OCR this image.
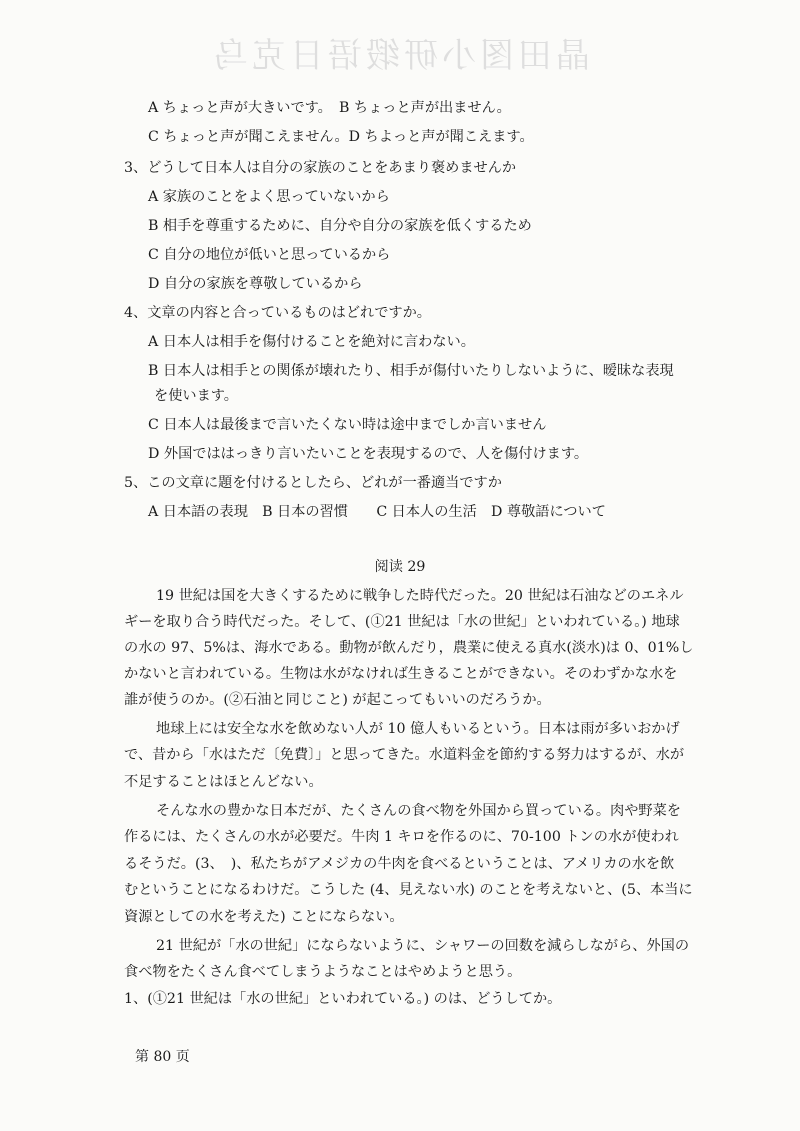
晶田图小研缎语日克乌
A ちょっと声が大きいです。　B ちょっと声が出ません。
C ちょっと声が聞こえません。D ちよっと声が聞こえます。
3、どうして日本人は自分の家族のことをあまり褒めませんか
A 家族のことをよく思っていないから
B 相手を尊重するために、自分や自分の家族を低くするため
C 自分の地位が低いと思っているから
D 自分の家族を尊敬しているから
4、文章の内容と合っているものはどれですか。
A 日本人は相手を傷付けることを絶対に言わない。
B 日本人は相手との関係が壊れたり、相手が傷付いたりしないように、暧昧な表現
を使います。
C 日本人は最後まで言いたくない時は途中までしか言いません
D 外国でははっきり言いたいことを表現するので、人を傷付けます。
5、この文章に題を付けるとしたら、どれが一番適当ですか
A 日本語の表現　B 日本の習慣　　C 日本人の生活　D 尊敬語について
阅读 29
19 世紀は国を大きくするために戦争した時代だった。20 世紀は石油などのエネル
ギーを取り合う時代だった。そして、(①21 世紀は「水の世紀」といわれている。) 地球
の水の 97、5%は、海水である。動物が飲んだり，農業に使える真水(淡水)は 0、01%し
かないと言われている。生物は水がなければ生きることができない。そのわずかな水を
誰が使うのか。(②石油と同じこと) が起こってもいいのだろうか。
地球上には安全な水を飲めない人が 10 億人もいるという。日本は雨が多いおかげ
で、昔から「水はただ〔免費〕」と思ってきた。水道料金を節約する努力はするが、水が
不足することはほとんどない。
そんな水の豊かな日本だが、たくさんの食べ物を外国から買っている。肉や野菜を
作るには、たくさんの水が必要だ。牛肉 1 キロを作るのに、70-100 トンの水が使われ
るそうだ。(3、　)、私たちがアメジカの牛肉を食べるということは、アメリカの水を飲
むということになるわけだ。こうした (4、見えない水) のことを考えないと、(5、本当に
資源としての水を考えた) ことにならない。
21 世紀が「水の世紀」にならないように、シャワーの回数を減らしながら、外国の
食べ物をたくさん食べてしまうようなことはやめようと思う。
1、(①21 世紀は「水の世紀」といわれている。) のは、どうしてか。
第 80 页
